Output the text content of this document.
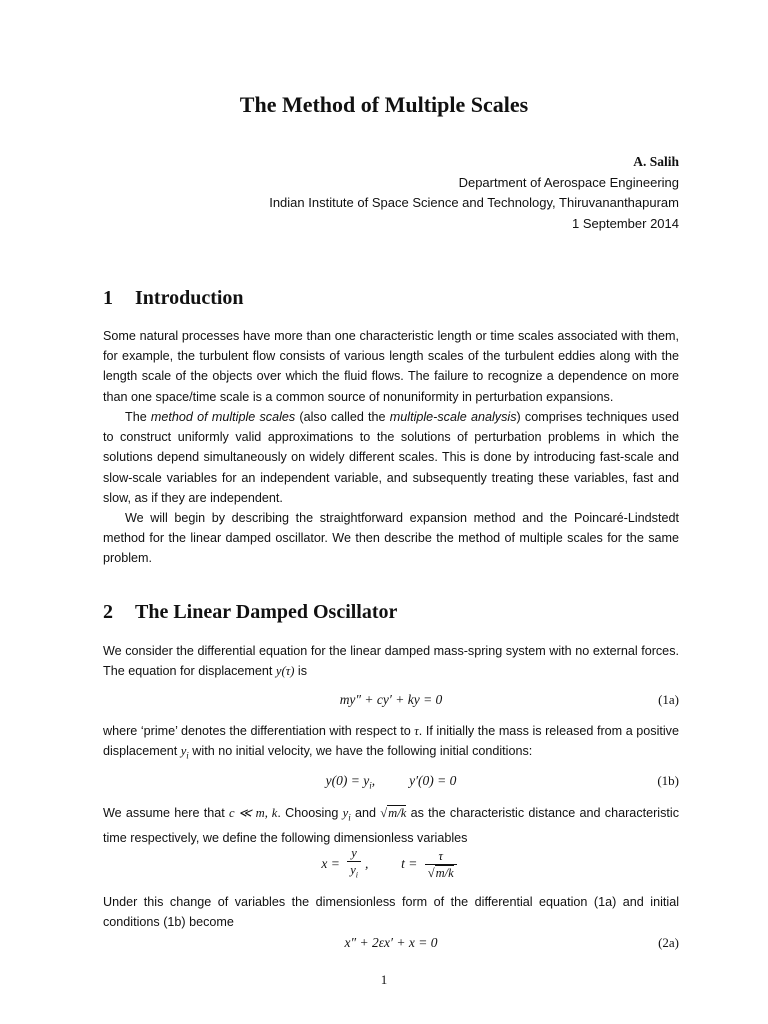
The Method of Multiple Scales
A. Salih
Department of Aerospace Engineering
Indian Institute of Space Science and Technology, Thiruvananthapuram
1 September 2014
1 Introduction
Some natural processes have more than one characteristic length or time scales associated with them, for example, the turbulent flow consists of various length scales of the turbulent eddies along with the length scale of the objects over which the fluid flows. The failure to recognize a dependence on more than one space/time scale is a common source of nonuniformity in perturbation expansions.
The method of multiple scales (also called the multiple-scale analysis) comprises techniques used to construct uniformly valid approximations to the solutions of perturbation problems in which the solutions depend simultaneously on widely different scales. This is done by introducing fast-scale and slow-scale variables for an independent variable, and subsequently treating these variables, fast and slow, as if they are independent.
We will begin by describing the straightforward expansion method and the Poincaré-Lindstedt method for the linear damped oscillator. We then describe the method of multiple scales for the same problem.
2 The Linear Damped Oscillator
We consider the differential equation for the linear damped mass-spring system with no external forces. The equation for displacement y(τ) is
my″ + cy′ + ky = 0	(1a)
where ‘prime’ denotes the differentiation with respect to τ. If initially the mass is released from a positive displacement $y_i$ with no initial velocity, we have the following initial conditions:
$y(0) = y_i$,	y′(0) = 0	(1b)
We assume here that c ≪ m, k. Choosing $y_i$ and √m/k as the characteristic distance and characteristic time respectively, we define the following dimensionless variables
$x = \frac{y}{y_i}$ , $t = \frac{\tau}{√m/k}$
Under this change of variables the dimensionless form of the differential equation (1a) and initial conditions (1b) become
x″ + 2εx′ + x = 0	(2a)
1
